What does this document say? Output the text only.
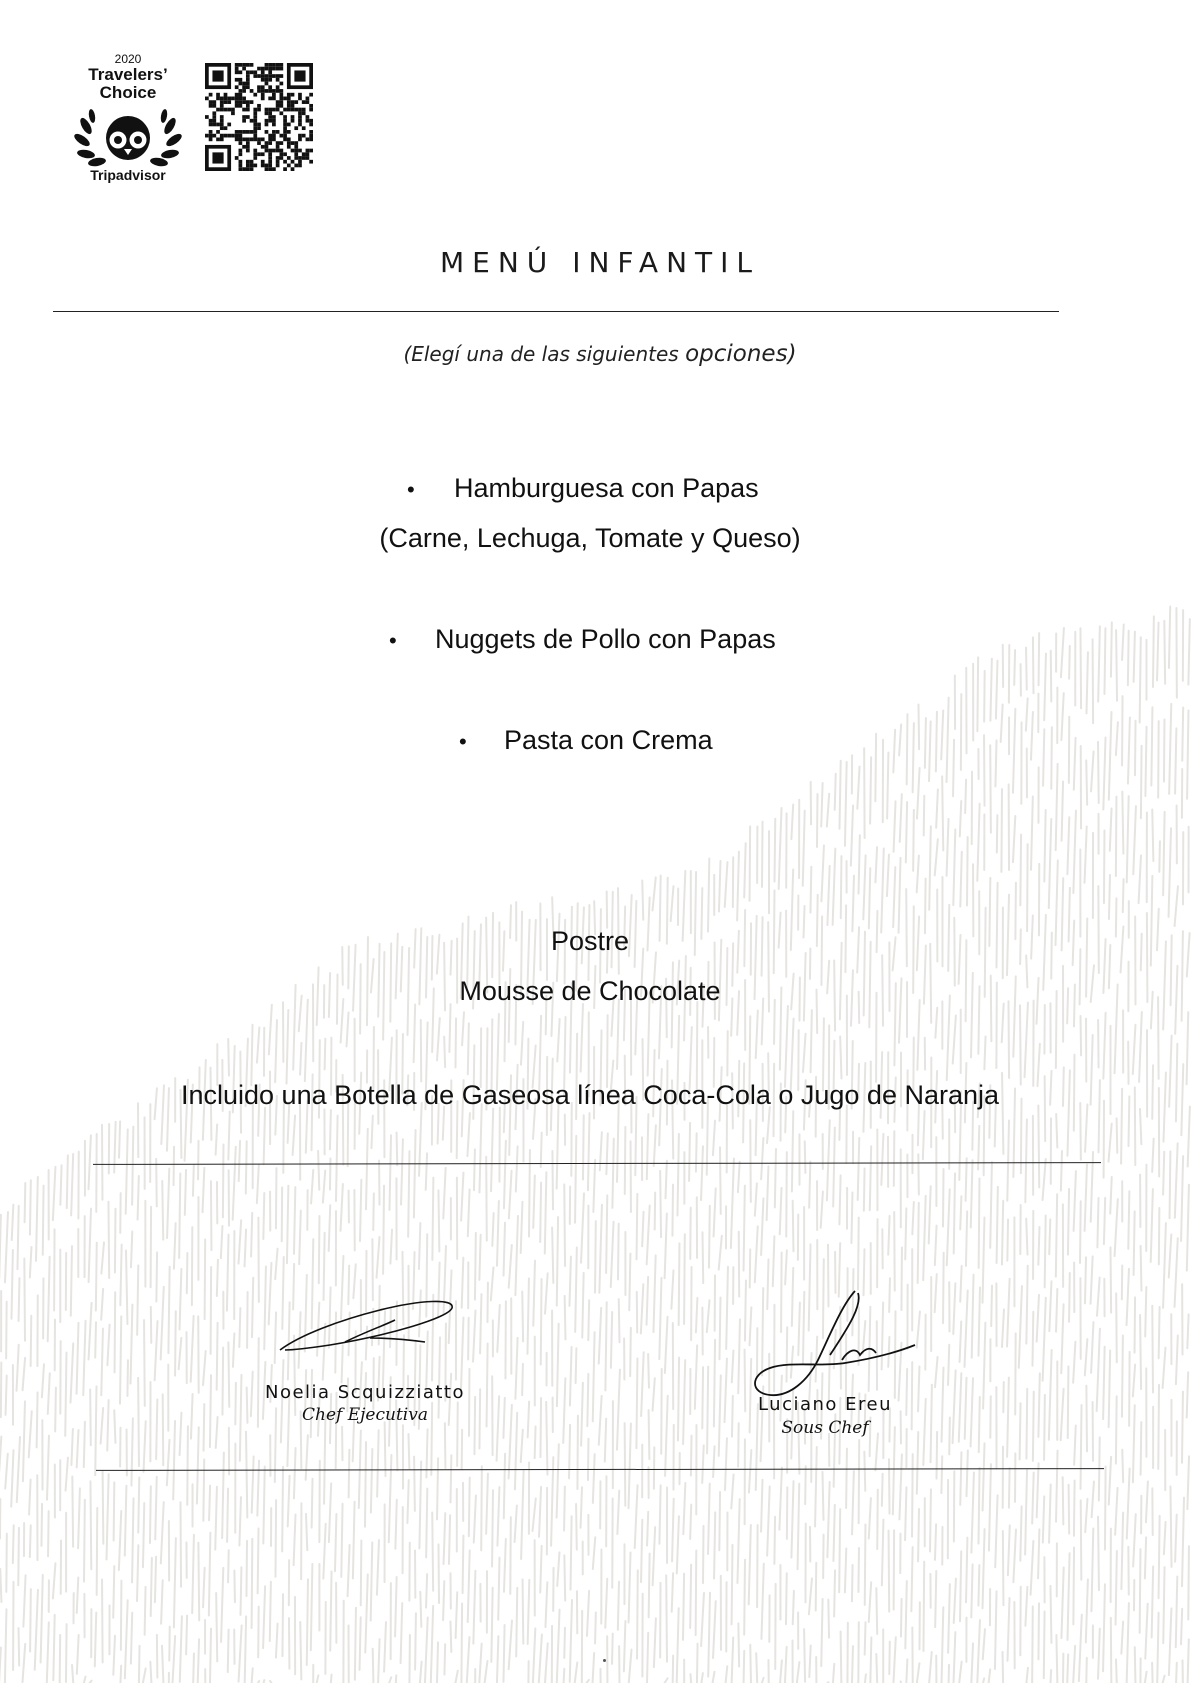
2020
Travelers’
Choice
Tripadvisor
MENÚ INFANTIL
(Elegí una de las siguientes opciones)
• Hamburguesa con Papas
(Carne, Lechuga, Tomate y Queso)
• Nuggets de Pollo con Papas
• Pasta con Crema
Postre
Mousse de Chocolate
Incluido una Botella de Gaseosa línea Coca-Cola o Jugo de Naranja
Noelia Scquizziatto
Chef Ejecutiva	Luciano Ereu
Sous Chef
